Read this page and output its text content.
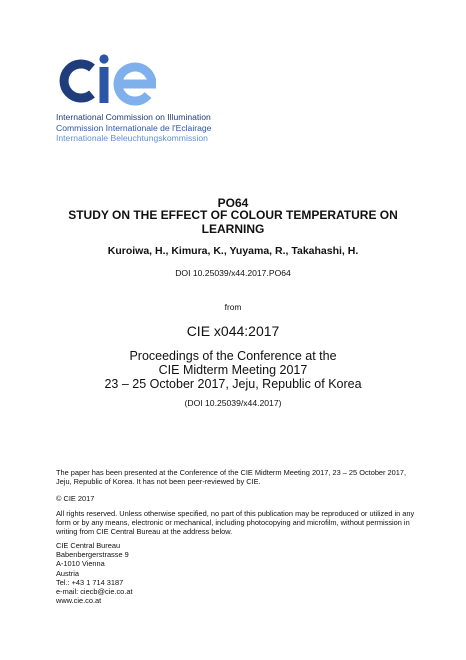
International Commission on Illumination
Commission Internationale de l'Eclairage
Internationale Beleuchtungskommission
PO64
STUDY ON THE EFFECT OF COLOUR TEMPERATURE ON LEARNING
Kuroiwa, H., Kimura, K., Yuyama, R., Takahashi, H.
DOI 10.25039/x44.2017.PO64
from
CIE x044:2017
Proceedings of the Conference at the
CIE Midterm Meeting 2017
23 – 25 October 2017, Jeju, Republic of Korea
(DOI 10.25039/x44.2017)
The paper has been presented at the Conference of the CIE Midterm Meeting 2017, 23 – 25 October 2017, Jeju, Republic of Korea. It has not been peer-reviewed by CIE.
© CIE 2017
All rights reserved. Unless otherwise specified, no part of this publication may be reproduced or utilized in any form or by any means, electronic or mechanical, including photocopying and microfilm, without permission in writing from CIE Central Bureau at the address below.
CIE Central Bureau
Babenbergerstrasse 9
A-1010 Vienna
Austria
Tel.: +43 1 714 3187
e-mail: ciecb@cie.co.at
www.cie.co.at
